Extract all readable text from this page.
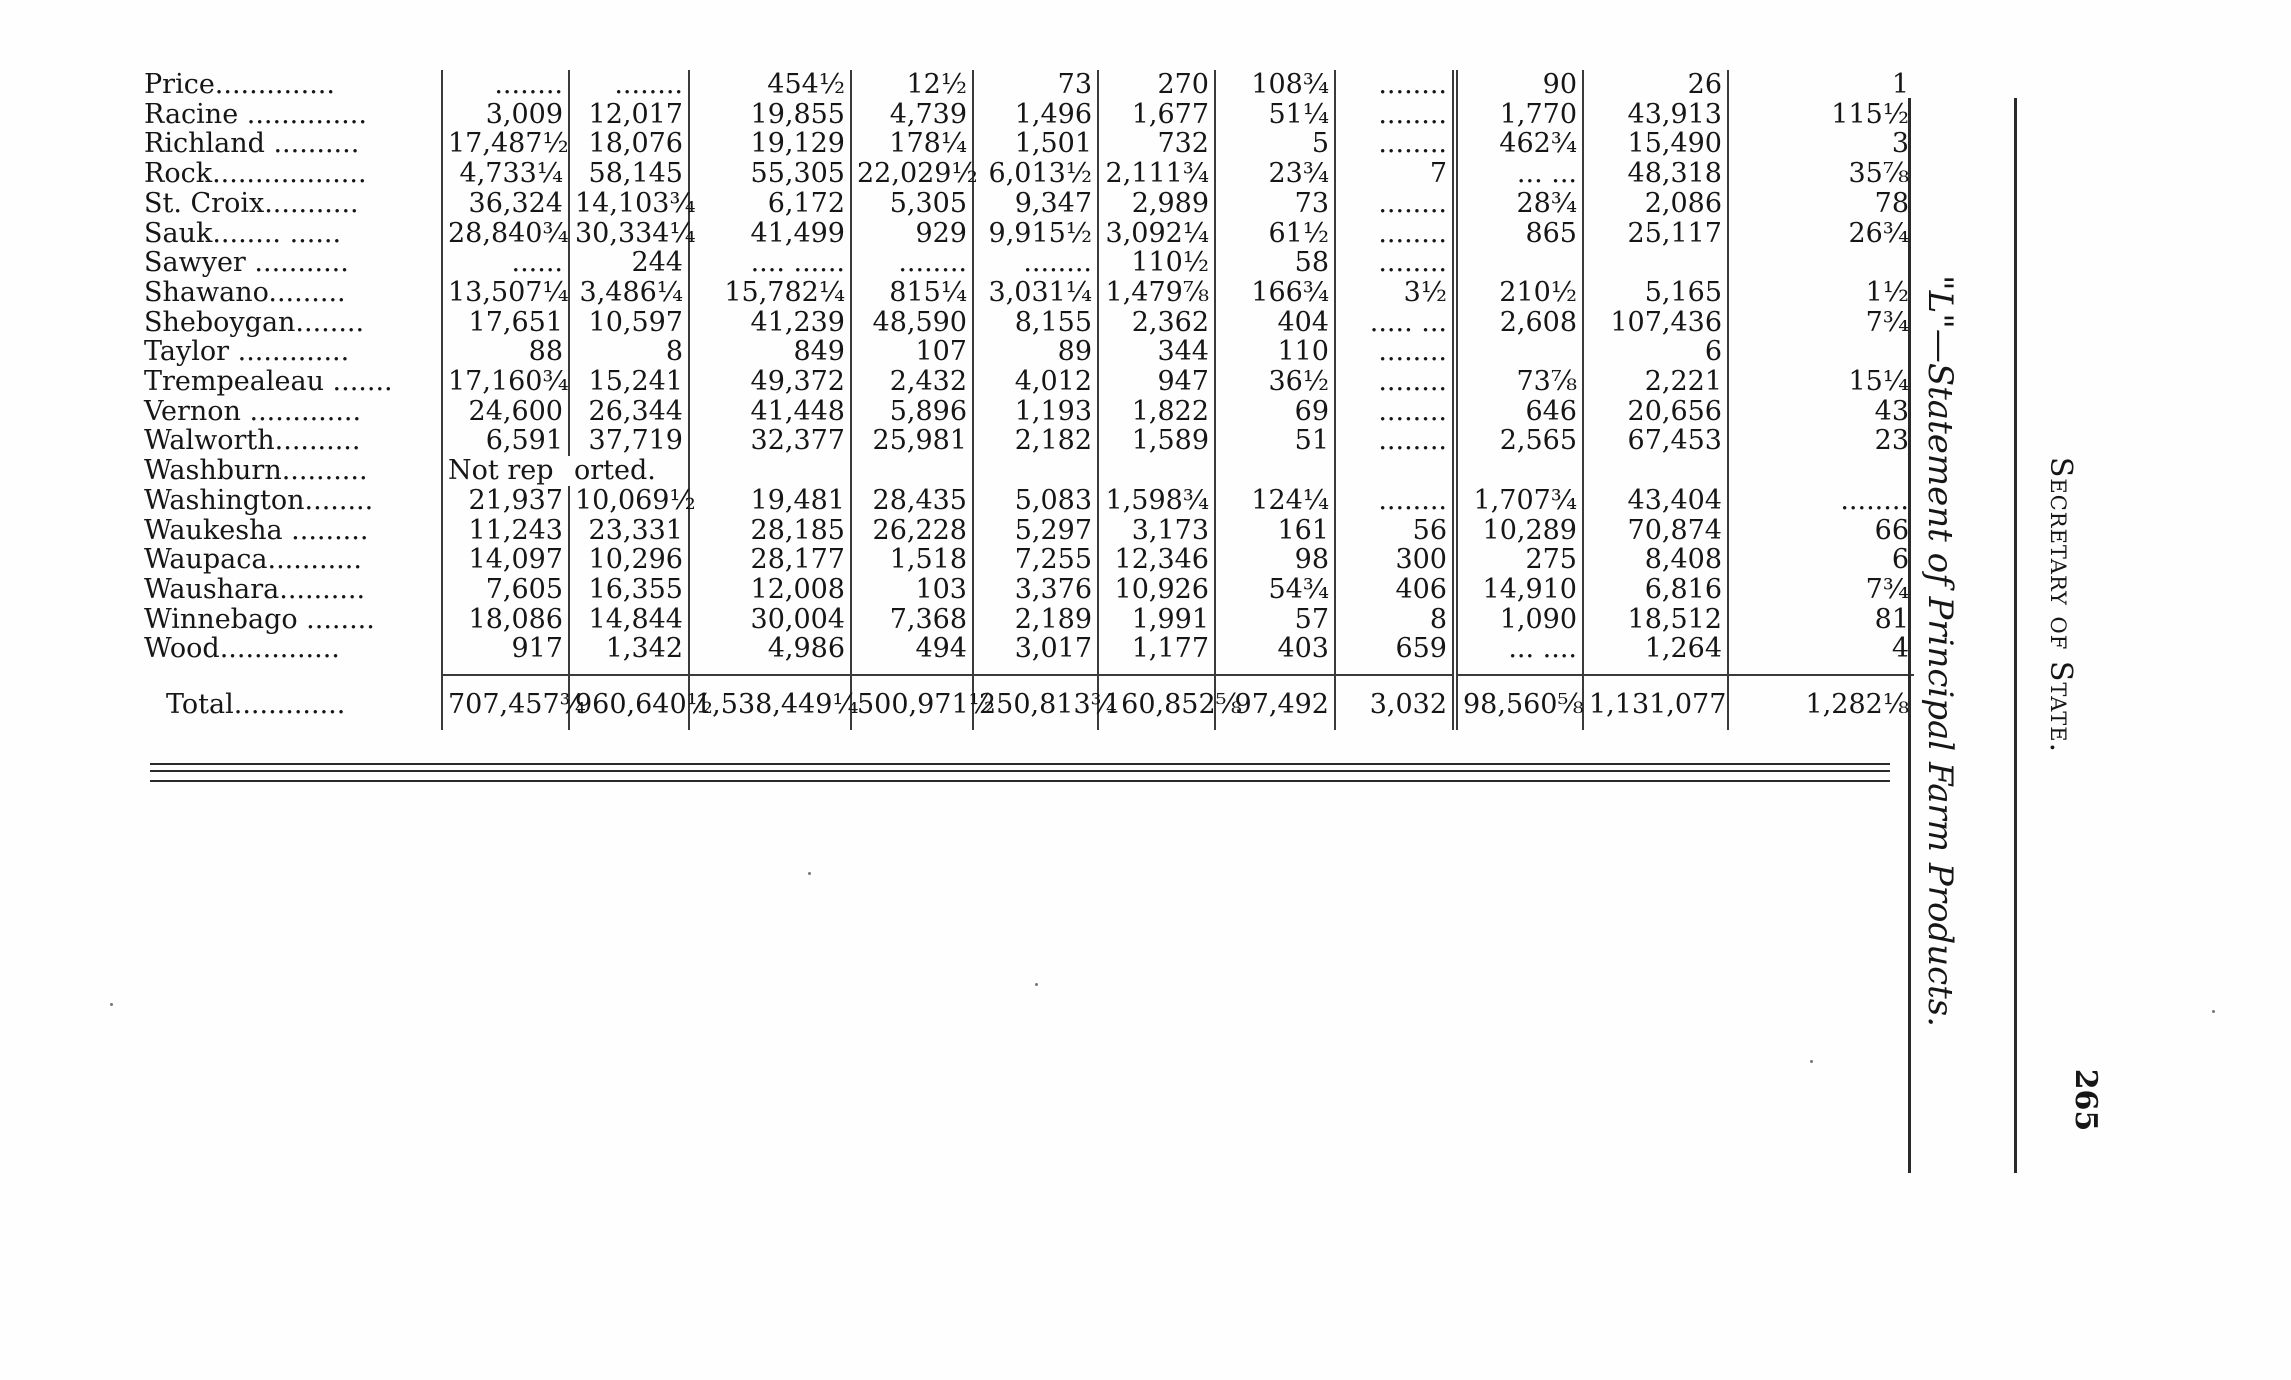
Price..............	........	........	454½	12½	73	270	108¾	........	90	26	1
Racine ..............	3,009	12,017	19,855	4,739	1,496	1,677	51¼	........	1,770	43,913	115½
Richland ..........	17,487½	18,076	19,129	178¼	1,501	732	5	........	462¾	15,490	3
Rock..................	4,733¼	58,145	55,305	22,029½	6,013½	2,111¾	23¾	7	... ...	48,318	35⅞
St. Croix...........	36,324	14,103¾	6,172	5,305	9,347	2,989	73	........	28¾	2,086	78
Sauk........ ......	28,840¾	30,334¼	41,499	929	9,915½	3,092¼	61½	........	865	25,117	26¾
Sawyer ...........	......	244	.... ......	........	........	110½	58	........			
Shawano.........	13,507¼	3,486¼	15,782¼	815¼	3,031¼	1,479⅞	166¾	3½	210½	5,165	1½
Sheboygan........	17,651	10,597	41,239	48,590	8,155	2,362	404	..... ...	2,608	107,436	7¾
Taylor .............	88	8	849	107	89	344	110	........		6	
Trempealeau .......	17,160¾	15,241	49,372	2,432	4,012	947	36½	........	73⅞	2,221	15¼
Vernon .............	24,600	26,344	41,448	5,896	1,193	1,822	69	........	646	20,656	43
Walworth..........	6,591	37,719	32,377	25,981	2,182	1,589	51	........	2,565	67,453	23
Washburn..........	Not rep	orted.									
Washington........	21,937	10,069½	19,481	28,435	5,083	1,598¾	124¼	........	1,707¾	43,404	........
Waukesha .........	11,243	23,331	28,185	26,228	5,297	3,173	161	56	10,289	70,874	66
Waupaca...........	14,097	10,296	28,177	1,518	7,255	12,346	98	300	275	8,408	6
Waushara..........	7,605	16,355	12,008	103	3,376	10,926	54¾	406	14,910	6,816	7¾
Winnebago ........	18,086	14,844	30,004	7,368	2,189	1,991	57	8	1,090	18,512	81
Wood..............	917	1,342	4,986	494	3,017	1,177	403	659	... ....	1,264	4

Total.............	707,457¾	960,640½	1,538,449¼	500,971½	250,813¾	160,852⅝	97,492	3,032	98,560⅝	1,131,077	1,282⅛ "L"—Statement of Principal Farm Products.	Secretary of State.
265
